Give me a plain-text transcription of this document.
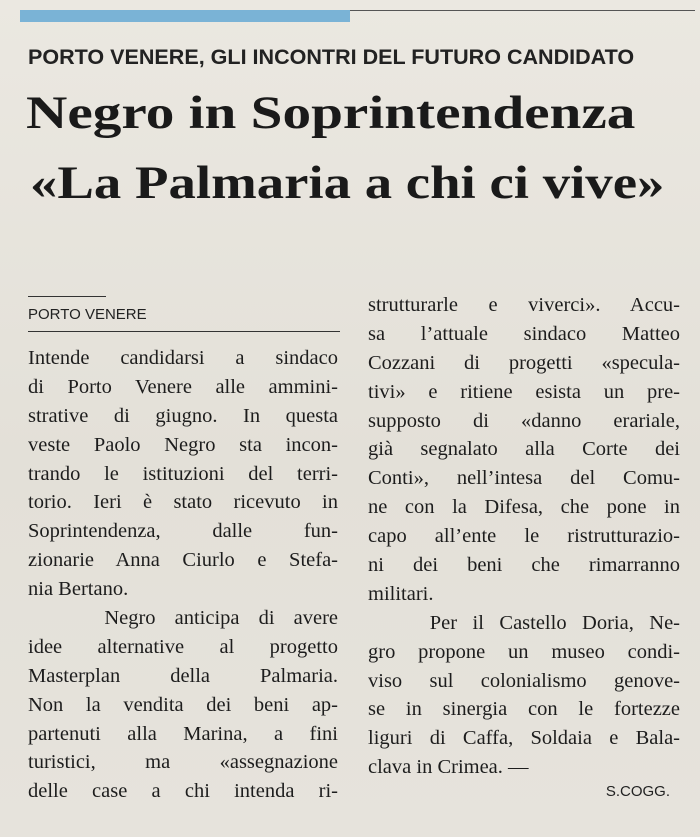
PORTO VENERE, GLI INCONTRI DEL FUTURO CANDIDATO
Negro in Soprintendenza
«La Palmaria a chi ci vive»
PORTO VENERE
Intende candidarsi a sindaco
di Porto Venere alle ammini-
strative di giugno. In questa
veste Paolo Negro sta incon-
trando le istituzioni del terri-
torio. Ieri è stato ricevuto in
Soprintendenza, dalle fun-
zionarie Anna Ciurlo e Stefa-
nia Bertano.
Negro anticipa di avere
idee alternative al progetto
Masterplan della Palmaria.
Non la vendita dei beni ap-
partenuti alla Marina, a fini
turistici, ma «assegnazione
delle case a chi intenda ri-
strutturarle e viverci». Accu-
sa l’attuale sindaco Matteo
Cozzani di progetti «specula-
tivi» e ritiene esista un pre-
supposto di «danno erariale,
già segnalato alla Corte dei
Conti», nell’intesa del Comu-
ne con la Difesa, che pone in
capo all’ente le ristrutturazio-
ni dei beni che rimarranno
militari.
Per il Castello Doria, Ne-
gro propone un museo condi-
viso sul colonialismo genove-
se in sinergia con le fortezze
liguri di Caffa, Soldaia e Bala-
clava in Crimea. —
S.COGG.
